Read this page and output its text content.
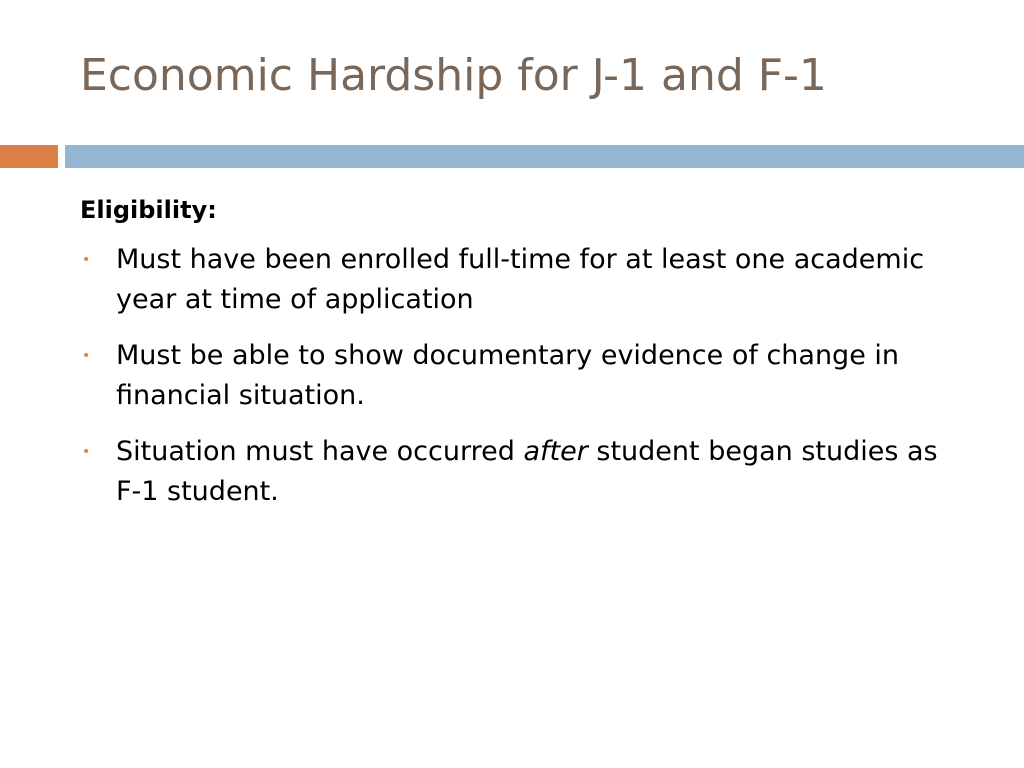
Economic Hardship for J-1 and F-1
Eligibility:
• Must have been enrolled full-time for at least one academic year at time of application
• Must be able to show documentary evidence of change in financial situation.
• Situation must have occurred after student began studies as F-1 student.
